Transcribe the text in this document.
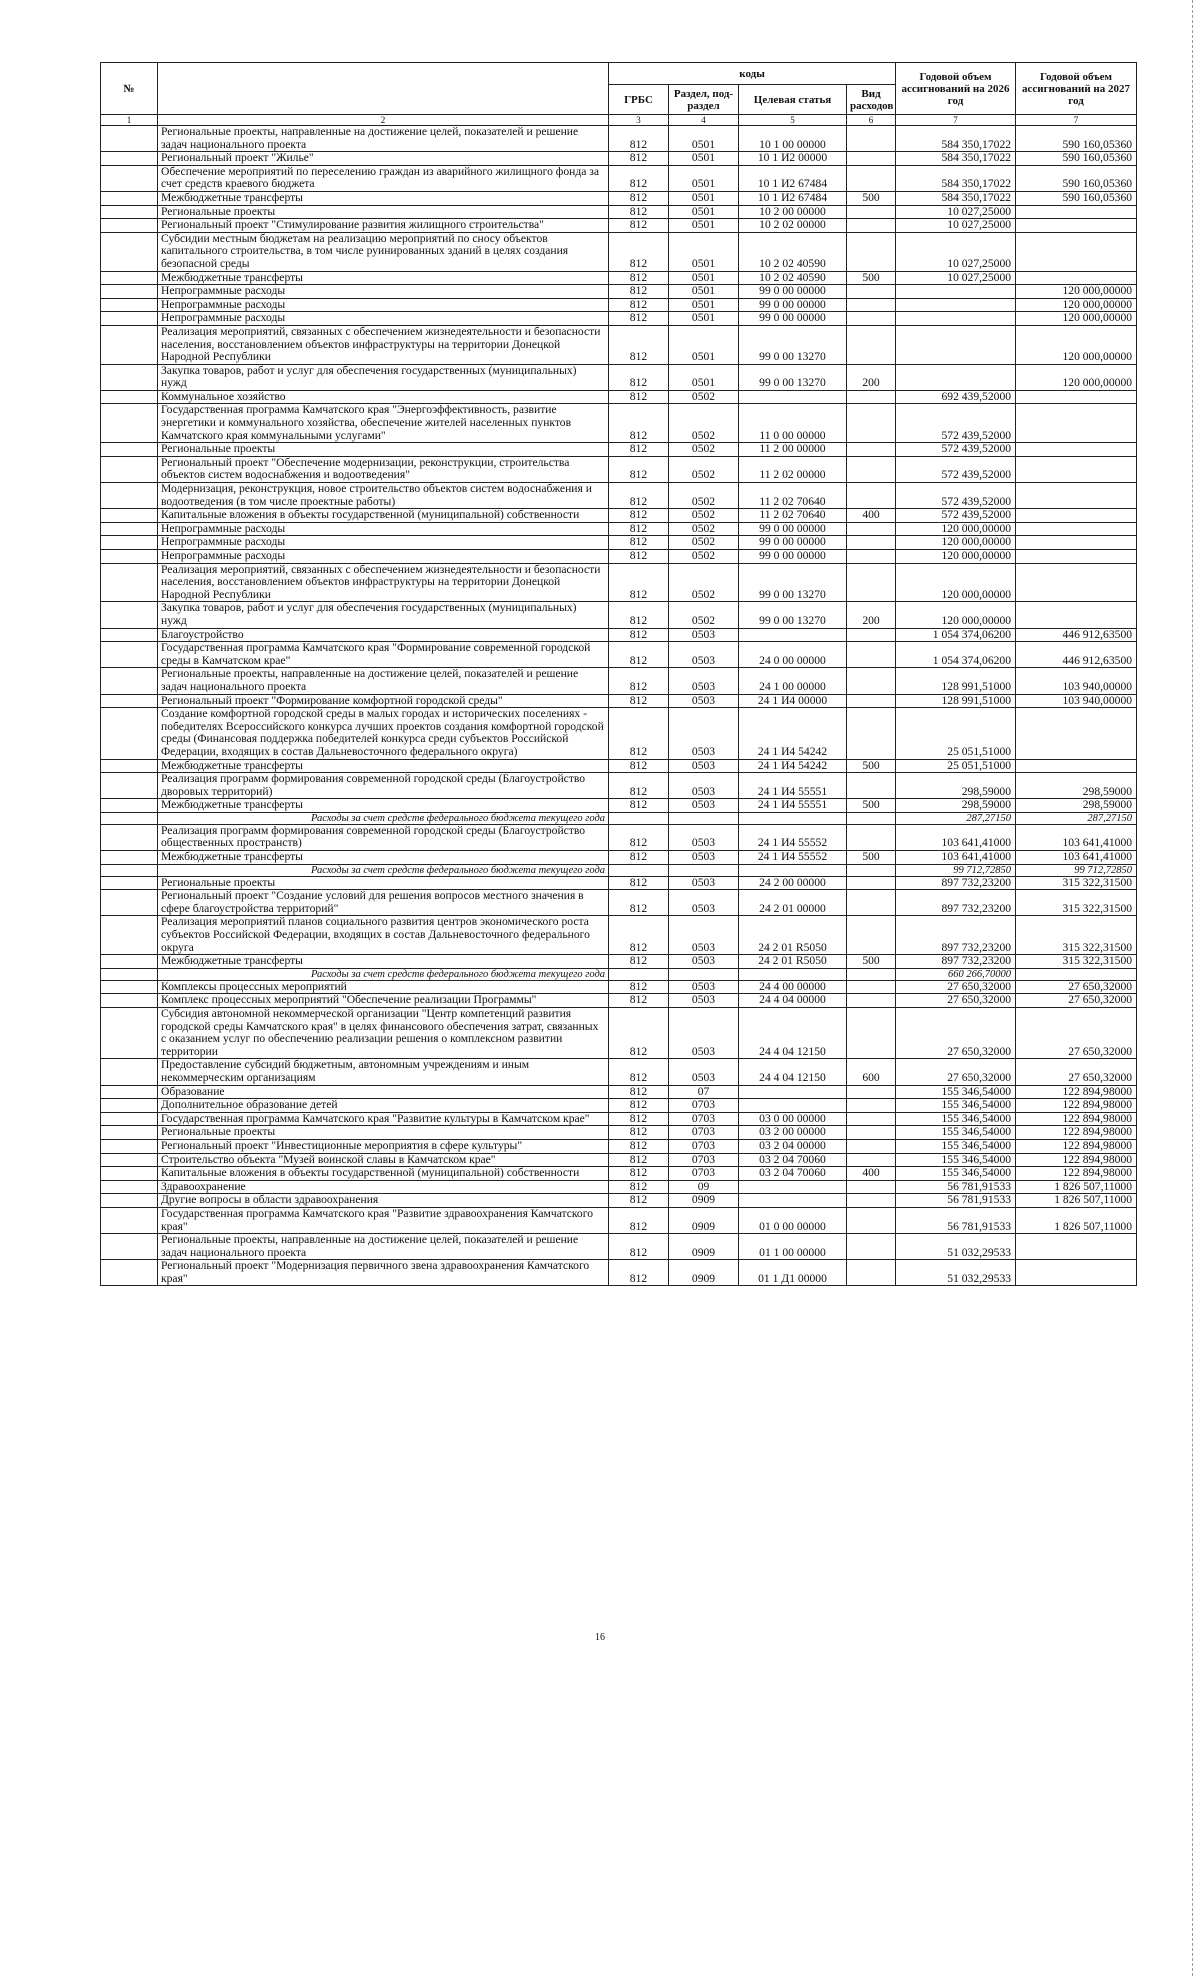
№		коды				Годовой объем ассигнований на 2026 год	Годовой объем ассигнований на 2027 год
		ГРБС	Раздел, под-раздел	Целевая статья	Вид расходов		
1	2	3	4	5	6	7	7
	Региональные проекты, направленные на достижение целей, показателей и решение задач национального проекта	812	0501	10 1 00 00000		584 350,17022	590 160,05360
	Региональный проект "Жилье"	812	0501	10 1 И2 00000		584 350,17022	590 160,05360
	Обеспечение мероприятий по переселению граждан из аварийного жилищного фонда за счет средств краевого бюджета	812	0501	10 1 И2 67484		584 350,17022	590 160,05360
	Межбюджетные трансферты	812	0501	10 1 И2 67484	500	584 350,17022	590 160,05360
	Региональные проекты	812	0501	10 2 00 00000		10 027,25000	
	Региональный проект "Стимулирование развития жилищного строительства"	812	0501	10 2 02 00000		10 027,25000	
	Субсидии местным бюджетам на реализацию мероприятий по сносу объектов капитального строительства, в том числе руинированных зданий в целях создания безопасной среды	812	0501	10 2 02 40590		10 027,25000	
	Межбюджетные трансферты	812	0501	10 2 02 40590	500	10 027,25000	
	Непрограммные расходы	812	0501	99 0 00 00000			120 000,00000
	Непрограммные расходы	812	0501	99 0 00 00000			120 000,00000
	Непрограммные расходы	812	0501	99 0 00 00000			120 000,00000
	Реализация мероприятий, связанных с обеспечением жизнедеятельности и безопасности населения, восстановлением объектов инфраструктуры на территории Донецкой Народной Республики	812	0501	99 0 00 13270			120 000,00000
	Закупка товаров, работ и услуг для обеспечения государственных (муниципальных) нужд	812	0501	99 0 00 13270	200		120 000,00000
	Коммунальное хозяйство	812	0502			692 439,52000	
	Государственная программа Камчатского края "Энергоэффективность, развитие энергетики и коммунального хозяйства, обеспечение жителей населенных пунктов Камчатского края коммунальными услугами"	812	0502	11 0 00 00000		572 439,52000	
	Региональные проекты	812	0502	11 2 00 00000		572 439,52000	
	Региональный проект "Обеспечение модернизации, реконструкции, строительства объектов систем водоснабжения и водоотведения"	812	0502	11 2 02 00000		572 439,52000	
	Модернизация, реконструкция, новое строительство объектов систем водоснабжения и водоотведения (в том числе проектные работы)	812	0502	11 2 02 70640		572 439,52000	
	Капитальные вложения в объекты государственной (муниципальной) собственности	812	0502	11 2 02 70640	400	572 439,52000	
	Непрограммные расходы	812	0502	99 0 00 00000		120 000,00000	
	Непрограммные расходы	812	0502	99 0 00 00000		120 000,00000	
	Непрограммные расходы	812	0502	99 0 00 00000		120 000,00000	
	Реализация мероприятий, связанных с обеспечением жизнедеятельности и безопасности населения, восстановлением объектов инфраструктуры на территории Донецкой Народной Республики	812	0502	99 0 00 13270		120 000,00000	
	Закупка товаров, работ и услуг для обеспечения государственных (муниципальных) нужд	812	0502	99 0 00 13270	200	120 000,00000	
	Благоустройство	812	0503			1 054 374,06200	446 912,63500
	Государственная программа Камчатского края "Формирование современной городской среды в Камчатском крае"	812	0503	24 0 00 00000		1 054 374,06200	446 912,63500
	Региональные проекты, направленные на достижение целей, показателей и решение задач национального проекта	812	0503	24 1 00 00000		128 991,51000	103 940,00000
	Региональный проект "Формирование комфортной городской среды"	812	0503	24 1 И4 00000		128 991,51000	103 940,00000
	Создание комфортной городской среды в малых городах и исторических поселениях - победителях Всероссийского конкурса лучших проектов создания комфортной городской среды (Финансовая поддержка победителей конкурса среди субъектов Российской Федерации, входящих в состав Дальневосточного федерального округа)	812	0503	24 1 И4 54242		25 051,51000	
	Межбюджетные трансферты	812	0503	24 1 И4 54242	500	25 051,51000	
	Реализация программ формирования современной городской среды (Благоустройство дворовых территорий)	812	0503	24 1 И4 55551		298,59000	298,59000
	Межбюджетные трансферты	812	0503	24 1 И4 55551	500	298,59000	298,59000
	Расходы за счет средств федерального бюджета текущего года					287,27150	287,27150
	Реализация программ формирования современной городской среды (Благоустройство общественных пространств)	812	0503	24 1 И4 55552		103 641,41000	103 641,41000
	Межбюджетные трансферты	812	0503	24 1 И4 55552	500	103 641,41000	103 641,41000
	Расходы за счет средств федерального бюджета текущего года					99 712,72850	99 712,72850
	Региональные проекты	812	0503	24 2 00 00000		897 732,23200	315 322,31500
	Региональный проект "Создание условий для решения вопросов местного значения в сфере благоустройства территорий"	812	0503	24 2 01 00000		897 732,23200	315 322,31500
	Реализация мероприятий планов социального развития центров экономического роста субъектов Российской Федерации, входящих в состав Дальневосточного федерального округа	812	0503	24 2 01 R5050		897 732,23200	315 322,31500
	Межбюджетные трансферты	812	0503	24 2 01 R5050	500	897 732,23200	315 322,31500
	Расходы за счет средств федерального бюджета текущего года					660 266,70000	
	Комплексы процессных мероприятий	812	0503	24 4 00 00000		27 650,32000	27 650,32000
	Комплекс процессных мероприятий "Обеспечение реализации Программы"	812	0503	24 4 04 00000		27 650,32000	27 650,32000
	Субсидия автономной некоммерческой организации "Центр компетенций развития городской среды Камчатского края" в целях финансового обеспечения затрат, связанных с оказанием услуг по обеспечению реализации решения о комплексном развитии территории	812	0503	24 4 04 12150		27 650,32000	27 650,32000
	Предоставление субсидий бюджетным, автономным учреждениям и иным некоммерческим организациям	812	0503	24 4 04 12150	600	27 650,32000	27 650,32000
	Образование	812	07			155 346,54000	122 894,98000
	Дополнительное образование детей	812	0703			155 346,54000	122 894,98000
	Государственная программа Камчатского края "Развитие культуры в Камчатском крае"	812	0703	03 0 00 00000		155 346,54000	122 894,98000
	Региональные проекты	812	0703	03 2 00 00000		155 346,54000	122 894,98000
	Региональный проект "Инвестиционные мероприятия в сфере культуры"	812	0703	03 2 04 00000		155 346,54000	122 894,98000
	Строительство объекта "Музей воинской славы в Камчатском крае"	812	0703	03 2 04 70060		155 346,54000	122 894,98000
	Капитальные вложения в объекты государственной (муниципальной) собственности	812	0703	03 2 04 70060	400	155 346,54000	122 894,98000
	Здравоохранение	812	09			56 781,91533	1 826 507,11000
	Другие вопросы в области здравоохранения	812	0909			56 781,91533	1 826 507,11000
	Государственная программа Камчатского края "Развитие здравоохранения Камчатского края"	812	0909	01 0 00 00000		56 781,91533	1 826 507,11000
	Региональные проекты, направленные на достижение целей, показателей и решение задач национального проекта	812	0909	01 1 00 00000		51 032,29533	
	Региональный проект "Модернизация первичного звена здравоохранения Камчатского края"	812	0909	01 1 Д1 00000		51 032,29533	
16
